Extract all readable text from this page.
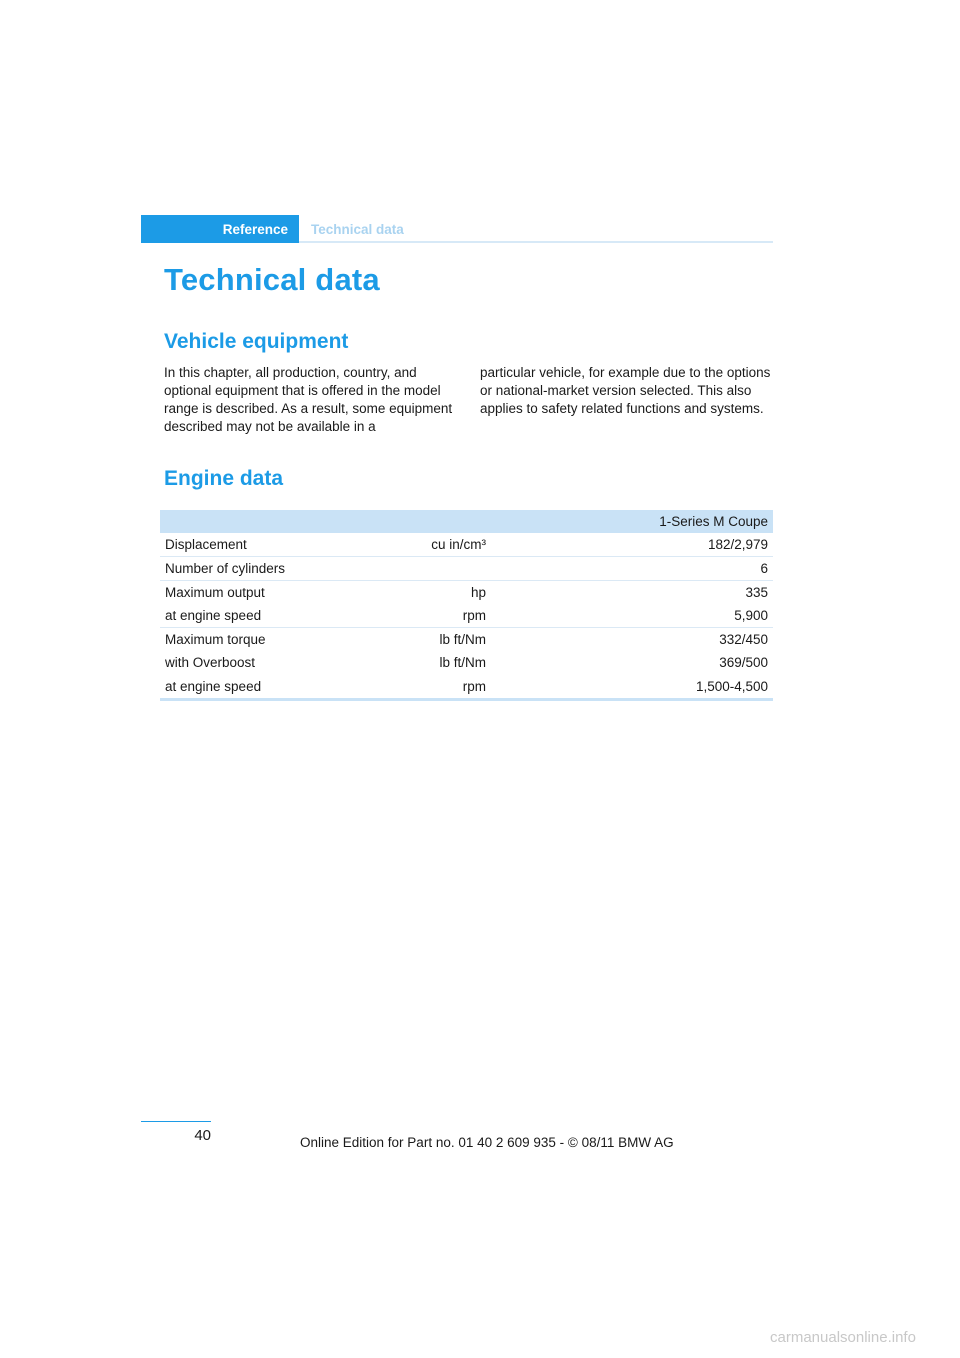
Reference Technical data
Technical data
Vehicle equipment

In this chapter, all production, country, and optional equipment that is offered in the model range is described. As a result, some equipment described may not be available in a

particular vehicle, for example due to the options or national-market version selected. This also applies to safety related functions and systems.

Engine data
1-Series M Coupe		
Displacement	cu in/cm³	182/2,979
Number of cylinders		6
Maximum output	hp	335
at engine speed	rpm	5,900
Maximum torque	lb ft/Nm	332/450
with Overboost	lb ft/Nm	369/500
at engine speed	rpm	1,500-4,500
40	Online Edition for Part no. 01 40 2 609 935 - © 08/11 BMW AG
carmanualsonline.info
